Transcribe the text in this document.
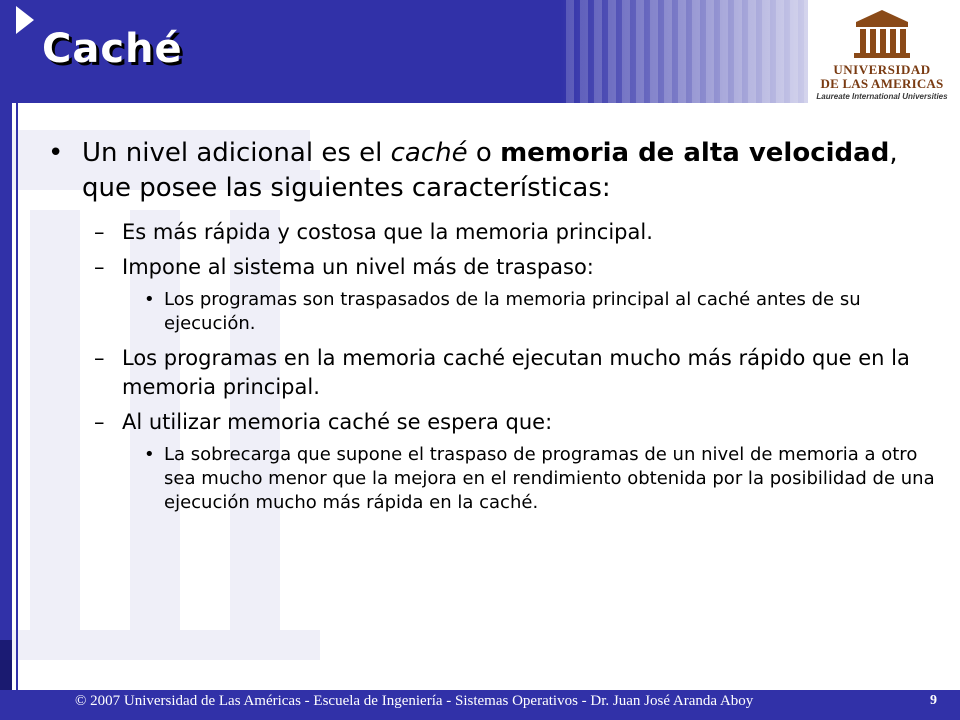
Caché	UNIVERSIDAD
DE LAS AMERICAS
Laureate International Universities
• Un nivel adicional es el caché o memoria de alta velocidad, que posee las siguientes características:
– Es más rápida y costosa que la memoria principal.
– Impone al sistema un nivel más de traspaso:
• Los programas son traspasados de la memoria principal al caché antes de su ejecución.
– Los programas en la memoria caché ejecutan mucho más rápido que en la memoria principal.
– Al utilizar memoria caché se espera que:
• La sobrecarga que supone el traspaso de programas de un nivel de memoria a otro sea mucho menor que la mejora en el rendimiento obtenida por la posibilidad de una ejecución mucho más rápida en la caché.
© 2007 Universidad de Las Américas - Escuela de Ingeniería - Sistemas Operativos - Dr. Juan José Aranda Aboy	9
